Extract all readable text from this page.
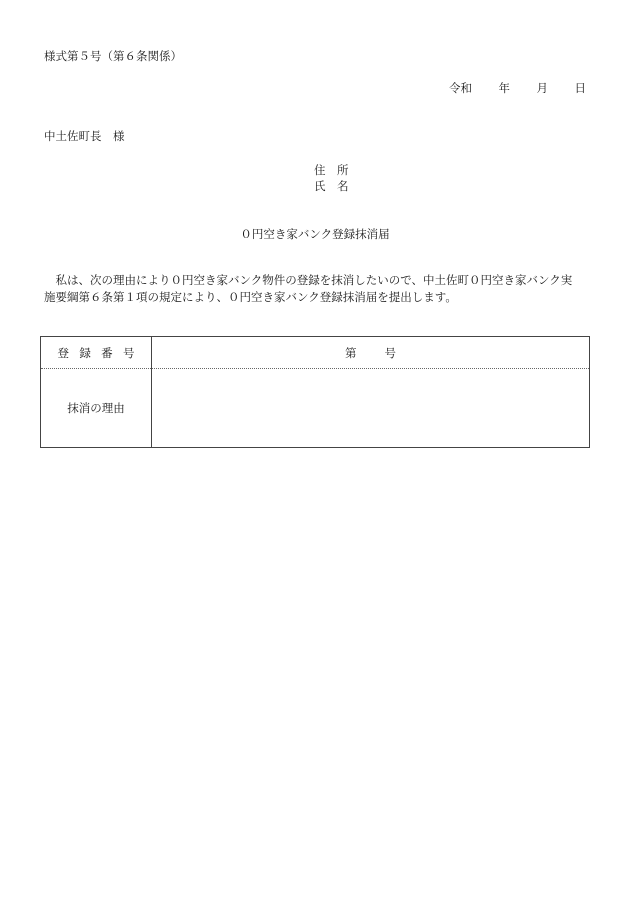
様式第５号（第６条関係）
令和 年 月 日
中土佐町長　様
住　所
氏　名
０円空き家バンク登録抹消届

　私は、次の理由により０円空き家バンク物件の登録を抹消したいので、中土佐町０円空き家バンク実

施要綱第６条第１項の規定により、０円空き家バンク登録抹消届を提出します。

登録番号	第 号
抹消の理由	
